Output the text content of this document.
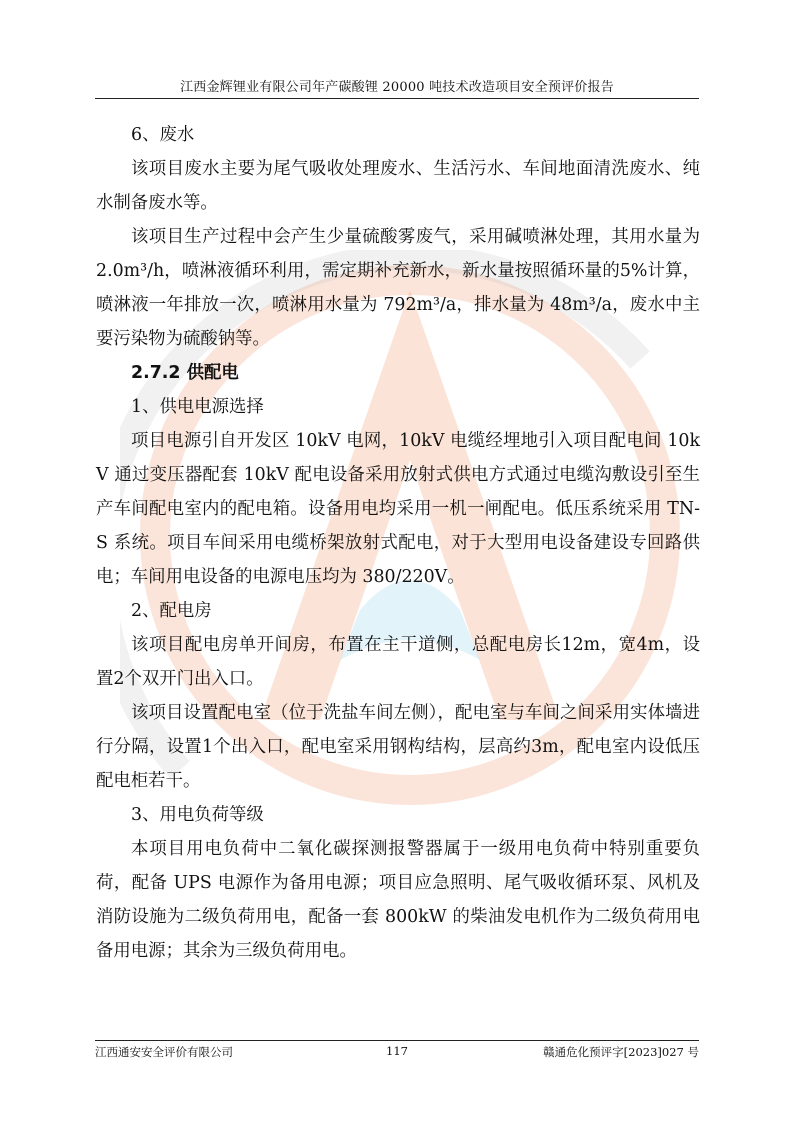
江西金辉锂业有限公司年产碳酸锂 20000 吨技术改造项目安全预评价报告

6、废水

该项目废水主要为尾气吸收处理废水、生活污水、车间地面清洗废水、纯水制备废水等。

该项目生产过程中会产生少量硫酸雾废气，采用碱喷淋处理，其用水量为 2.0m³/h，喷淋液循环利用，需定期补充新水，新水量按照循环量的5%计算，喷淋液一年排放一次，喷淋用水量为 792m³/a，排水量为 48m³/a，废水中主要污染物为硫酸钠等。

2.7.2 供配电

1、供电电源选择

项目电源引自开发区 10kV 电网，10kV 电缆经埋地引入项目配电间 10kV 通过变压器配套 10kV 配电设备采用放射式供电方式通过电缆沟敷设引至生产车间配电室内的配电箱。设备用电均采用一机一闸配电。低压系统采用 TN-S 系统。项目车间采用电缆桥架放射式配电，对于大型用电设备建设专回路供电；车间用电设备的电源电压均为 380/220V。

2、配电房

该项目配电房单开间房，布置在主干道侧，总配电房长12m，宽4m，设置2个双开门出入口。

该项目设置配电室（位于洗盐车间左侧），配电室与车间之间采用实体墙进行分隔，设置1个出入口，配电室采用钢构结构，层高约3m，配电室内设低压配电柜若干。

3、用电负荷等级

本项目用电负荷中二氧化碳探测报警器属于一级用电负荷中特别重要负荷，配备 UPS 电源作为备用电源；项目应急照明、尾气吸收循环泵、风机及消防设施为二级负荷用电，配备一套 800kW 的柴油发电机作为二级负荷用电备用电源；其余为三级负荷用电。

江西通安安全评价有限公司	117	赣通危化预评字[2023]027 号
